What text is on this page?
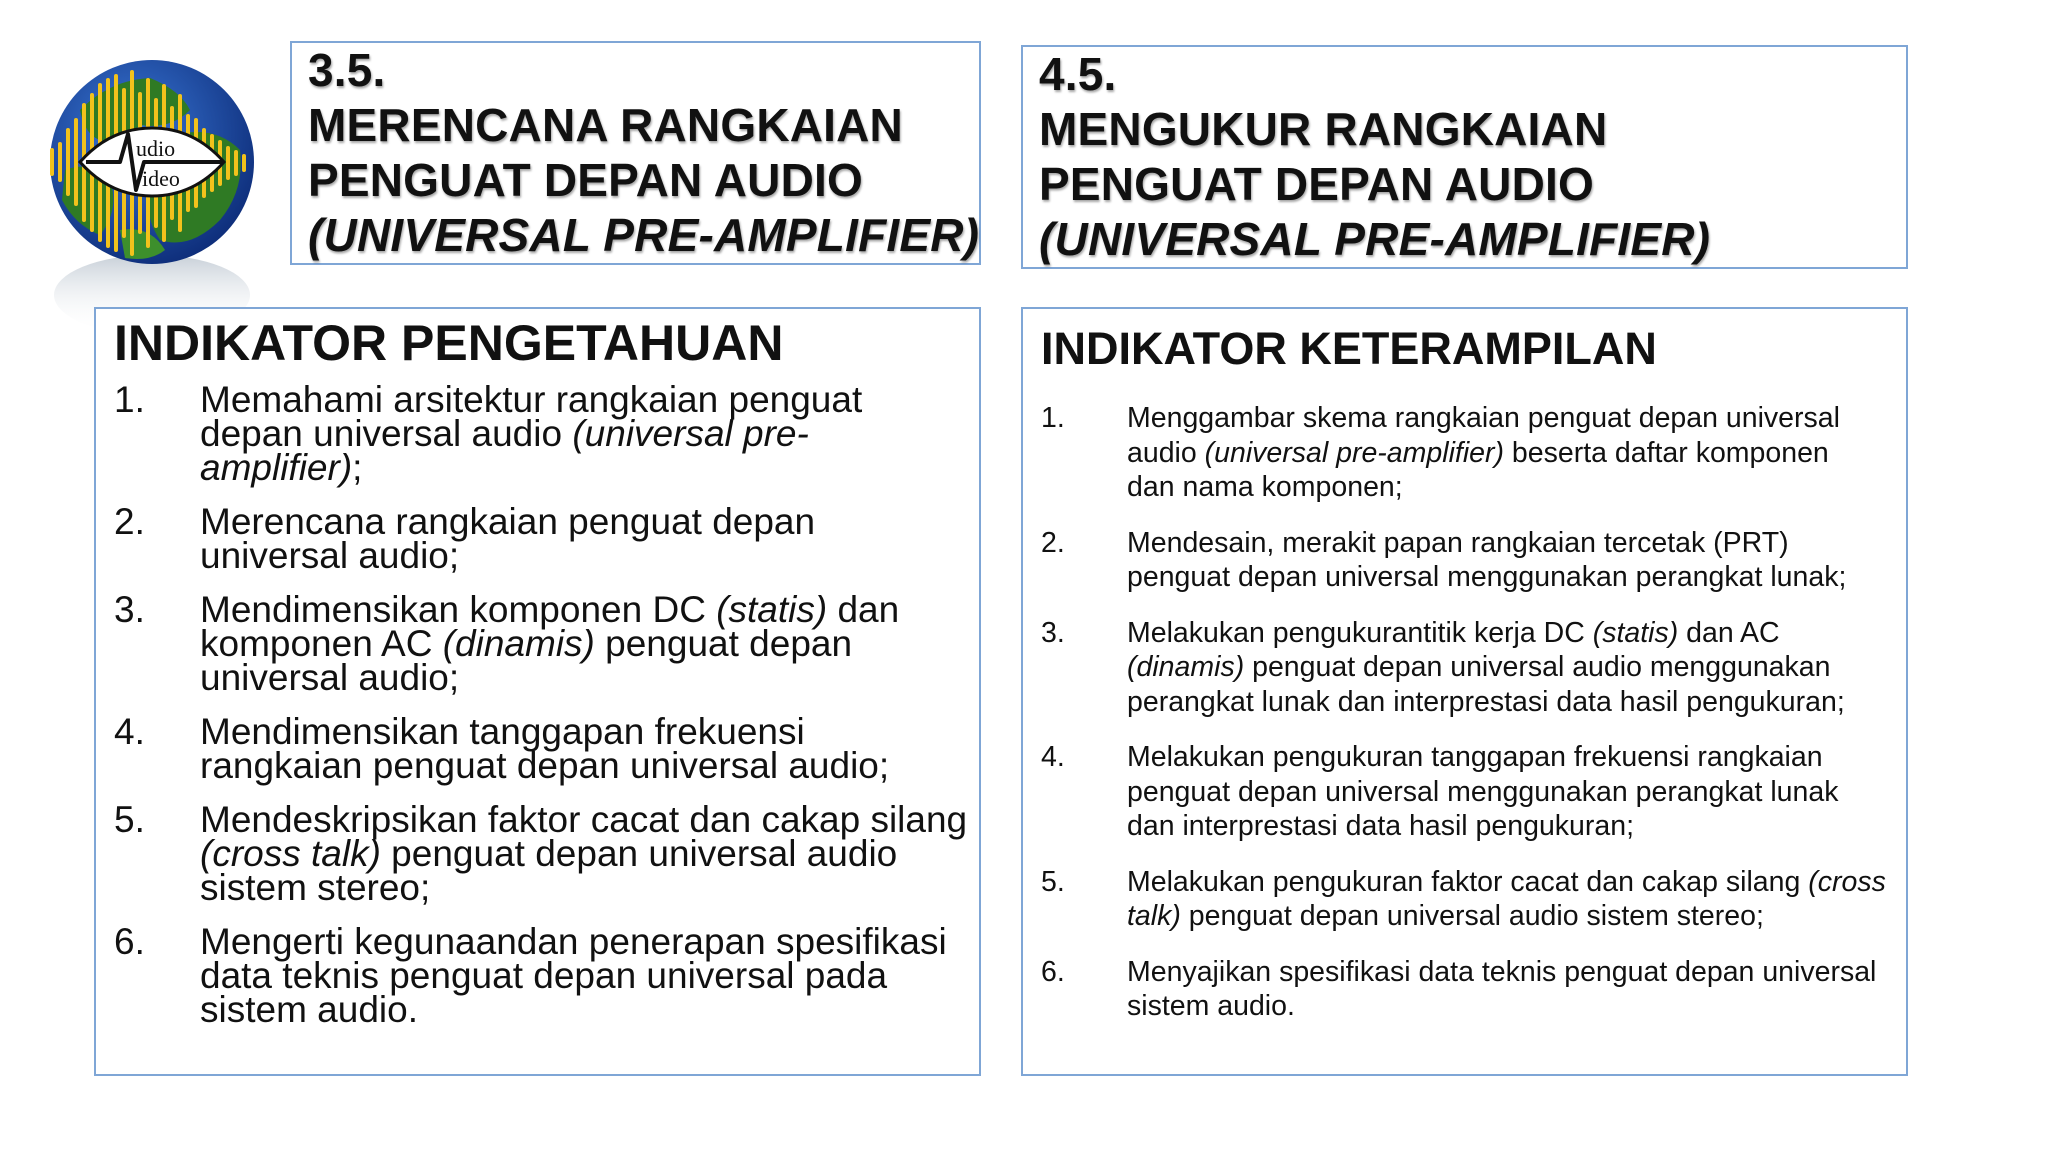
udio
ideo
3.5.
MERENCANA RANGKAIAN
PENGUAT DEPAN AUDIO
(UNIVERSAL PRE-AMPLIFIER)
4.5.
MENGUKUR RANGKAIAN
PENGUAT DEPAN AUDIO
(UNIVERSAL PRE-AMPLIFIER)
INDIKATOR PENGETAHUAN
1.	Memahami arsitektur rangkaian penguat
depan universal audio (universal pre-
amplifier);
2.	Merencana rangkaian penguat depan
universal audio;
3.	Mendimensikan komponen DC (statis) dan
komponen AC (dinamis) penguat depan
universal audio;
4.	Mendimensikan tanggapan frekuensi
rangkaian penguat depan universal audio;
5.	Mendeskripsikan faktor cacat dan cakap silang
(cross talk) penguat depan universal audio
sistem stereo;
6.	Mengerti kegunaandan penerapan spesifikasi
data teknis penguat depan universal pada
sistem audio.
INDIKATOR KETERAMPILAN
1.	Menggambar skema rangkaian penguat depan universal
audio (universal pre-amplifier) beserta daftar komponen
dan nama komponen;
2.	Mendesain, merakit papan rangkaian tercetak (PRT)
penguat depan universal menggunakan perangkat lunak;
3.	Melakukan pengukurantitik kerja DC (statis) dan AC
(dinamis) penguat depan universal audio menggunakan
perangkat lunak dan interprestasi data hasil pengukuran;
4.	Melakukan pengukuran tanggapan frekuensi rangkaian
penguat depan universal menggunakan perangkat lunak
dan interprestasi data hasil pengukuran;
5.	Melakukan pengukuran faktor cacat dan cakap silang (cross
talk) penguat depan universal audio sistem stereo;
6.	Menyajikan spesifikasi data teknis penguat depan universal
sistem audio.
